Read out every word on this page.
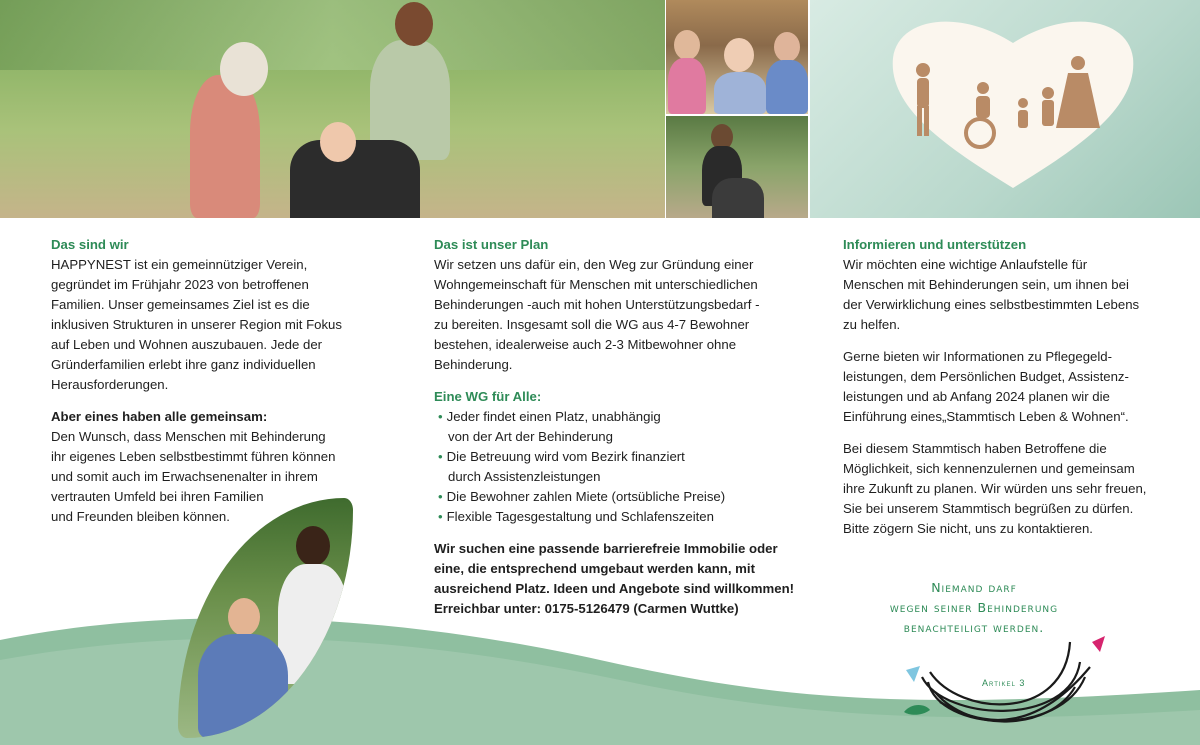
Das sind wir

HAPPYNEST ist ein gemeinnütziger Verein,

gegründet im Frühjahr 2023 von betroffenen

Familien. Unser gemeinsames Ziel ist es die

inklusiven Strukturen in unserer Region mit Fokus

auf Leben und Wohnen auszubauen. Jede der

Gründerfamilien erlebt ihre ganz individuellen

Herausforderungen.

Aber eines haben alle gemeinsam:

Den Wunsch, dass Menschen mit Behinderung

ihr eigenes Leben selbstbestimmt führen können

und somit auch im Erwachsenenalter in ihrem

vertrauten Umfeld bei ihren Familien

und Freunden bleiben können.

Das ist unser Plan

Wir setzen uns dafür ein, den Weg zur Gründung einer

Wohngemeinschaft für Menschen mit unterschiedlichen

Behinderungen -auch mit hohen Unterstützungsbedarf -

zu bereiten. Insgesamt soll die WG aus 4-7 Bewohner

bestehen, idealerweise auch 2-3 Mitbewohner ohne

Behinderung.

Eine WG für Alle:

• Jeder findet einen Platz, unabhängig

von der Art der Behinderung

• Die Betreuung wird vom Bezirk finanziert

durch Assistenzleistungen

• Die Bewohner zahlen Miete (ortsübliche Preise)

• Flexible Tagesgestaltung und Schlafenszeiten

Wir suchen eine passende barrierefreie Immobilie oder

eine, die entsprechend umgebaut werden kann, mit

ausreichend Platz. Ideen und Angebote sind willkommen!

Erreichbar unter: 0175-5126479 (Carmen Wuttke)

Informieren und unterstützen

Wir möchten eine wichtige Anlaufstelle für

Menschen mit Behinderungen sein, um ihnen bei

der Verwirklichung eines selbstbestimmten Lebens

zu helfen.

Gerne bieten wir Informationen zu Pflegegeld-

leistungen, dem Persönlichen Budget, Assistenz-

leistungen und ab Anfang 2024 planen wir die

Einführung eines„Stammtisch Leben & Wohnen“.

Bei diesem Stammtisch haben Betroffene die

Möglichkeit, sich kennenzulernen und gemeinsam

ihre Zukunft zu planen. Wir würden uns sehr freuen,

Sie bei unserem Stammtisch begrüßen zu dürfen.

Bitte zögern Sie nicht, uns zu kontaktieren.

Niemand darf
wegen seiner Behinderung
benachteiligt werden.
Artikel 3
